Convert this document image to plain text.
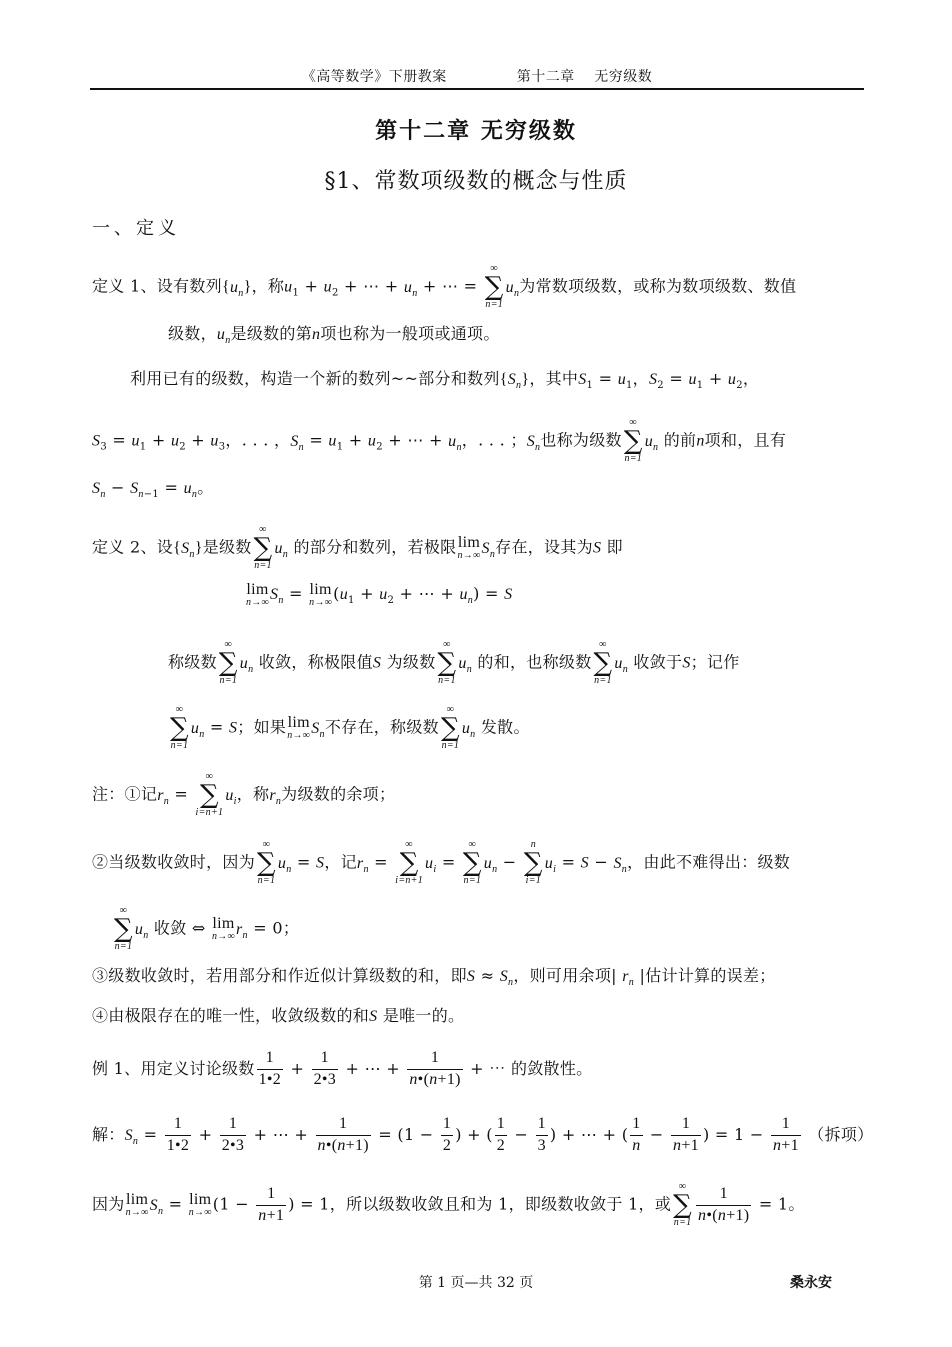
《高等数学》下册教案	第十二章　 无穷级数
第十二章 无穷级数
§1、常数项级数的概念与性质
一、定义
定义 1、设有数列$\{u_n\}$，称$u_1 + u_2$ + ⋯ + $u_n$ + ⋯ =
∞
∑
n=1
$u_n$为常数项级数，或称为数项级数、数值
级数，$u_n$是级数的第n项也称为一般项或通项。
利用已有的级数，构造一个新的数列~~部分和数列$\{S_n\}$，其中$S_1 = u_1$，$S_2 = u_1 + u_2$，
$S_3 = u_1 + u_2 + u_3$，. . . ，$S_n = u_1 + u_2$ + ⋯ + $u_n$，. . . ；$S_n$也称为级数
∞
∑
n=1
$u_n$ 的前n项和，且有
$S_n - S_{n-1} = u_n$。
定义 2、设$\{S_n\}$是级数
∞
∑
n=1
$u_n$ 的部分和数列，若极限 lim
n→∞ $S_n$存在，设其为S 即
lim
n→∞ $S_n = \lim$
n→∞ ($u_1 + u_2$ + ⋯ + $u_n) = S$
称级数
∞
∑
n=1
$u_n$ 收敛，称极限值S 为级数
∞
∑
n=1
$u_n$ 的和，也称级数
∞
∑
n=1
$u_n$ 收敛于S；记作
∞
∑
n=1
$u_n = S$；如果 lim
n→∞ $S_n$不存在，称级数
∞
∑
n=1
$u_n$ 发散。
注：①记$r_n$ =
∞
∑
i=n+1
$u_i$，称$r_n$为级数的余项；
②当级数收敛时，因为
∞
∑
n=1
$u_n = S$，记$r_n$ =
∞
∑
i=n+1
$u_i$ =
∞
∑
n=1
$u_n$ −
n
∑
i=1
$u_i = S - S_n$，由此不难得出：级数
∞
∑
n=1
$u_n$ 收敛 ⇔ lim
n→∞ $r_n = 0$；
③级数收敛时，若用部分和作近似计算级数的和，即$S \approx S_n$，则可用余项| $r_n$ |估计计算的误差；
④由极限存在的唯一性，收敛级数的和S 是唯一的。
例 1、用定义讨论级数 $\frac{1}{1•2} + \frac{1}{2•3}$ + ⋯ + $\frac{1}{n•(n+1)}$ + ⋯ 的敛散性。
解：$S_n = \frac{1}{1•2} + \frac{1}{2•3}$ + ⋯ + $\frac{1}{n•(n+1)} = (1 - \frac{1}{2}$ ) + ( $\frac{1}{2} - \frac{1}{3}$ ) + ⋯ + ( $\frac{1}{n} - \frac{1}{n+1}$ ) = $1 - \frac{1}{n+1}$ （拆项）
因为 lim
n→∞ $S_n = \lim$
n→∞ ($1 - \frac{1}{n+1}$ ) = 1，所以级数收敛且和为 1，即级数收敛于 1，或
∞
∑
$n=1 \frac{1}{n•(n+1)} = 1$。
第 1 页—共 32 页	桑永安
